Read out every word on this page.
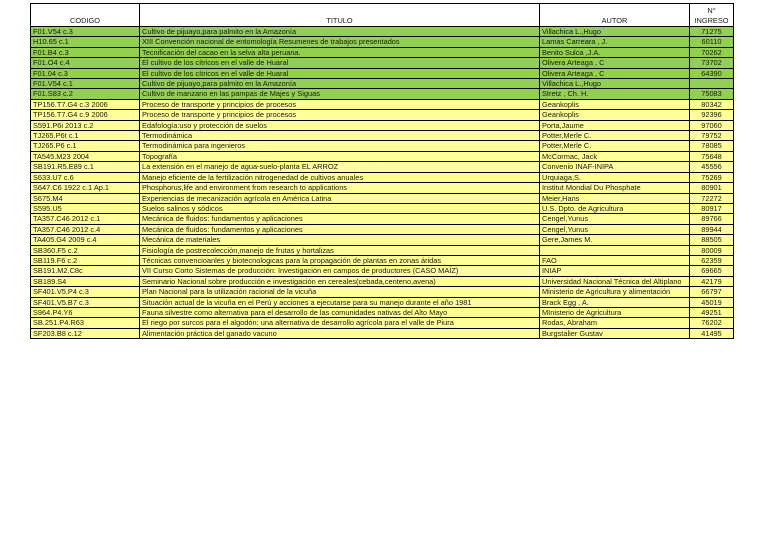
CODIGO	TITULO	AUTOR	N° INGRESO
F01.V54 c.3	Cultivo de pijuayo,para palmito en la Amazonía	Villachica L.,Hugo	71275
H10.65 c.1	XIII Convención nacional de entomología Resumenes de trabajos presentados	Lamas Carreara , J.	60110
F01.B4 c.3	Tecnificación del cacao en la selva alta peruana.	Benito Sulca ,J.A.	70262
F01.O4 c.4	El cultivo de los cítricos en el valle de Huaral	Olivera Arteaga , C	73702
F01.04 c.3	El cultivo de los cítricos en el valle de Huaral	Olivera Arteaga , C	64390
F01.V54 c.1	Cultivo de pijuayo,para palmito en la Amazonía	Villachica L.,Hugo	
F01.S83 c.2	Cultivo de manzano en las pampas de Majes y Siguas	Stretz , Ch. H.	75083
TP156.T7.G4 c.3 2006	Proceso de transporte y principios de procesos	Geankoplis	80342
TP156.T7.G4 c.9 2006	Proceso de transporte y principios de procesos	Geankoplis	92396
S591.P6i 2013 c.2	Edafología:uso y protección de suelos	Porta,Jaume	97060
TJ265.P6t c.1	Termodinámica	Potter,Merle C.	79752
TJ265.P6 c.1	Termodinámica para ingenieros	Potter,Merle C.	78085
TA545.M23 2004	Topografía	McCormac, Jack	75648
SB191.R5.E89 c.1	La extensión en el manejo de agua-suelo-planta EL ARROZ	Convenio INAF-INIPA	45556
S633.U7 c.6	Manejo eficiente de la fertilización nitrogenedad de cultivos anuales	Urquiaga,S.	75269
S647.C6 1922 c.1 Ap.1	Phosphorus,life and environment from research to applications	Institut Mondial Du Phosphate	80901
S675.M4	Experiencias de mecanización agrícola en América Latina	Meier,Hans	72272
S595.U5	Suelos salinos y sódicos	U.S. Dpto. de Agricultura	80917
TA357.C46 2012 c.1	Mecánica de fluidos: fundamentos y aplicaciones	Cengel,Yunus	89766
TA357.C46 2012 c.4	Mecánica de fluidos: fundamentos y aplicaciones	Cengel,Yunus	89944
TA405.G4 2009 c.4	Mecánica de materiales	Gere,James M.	88505
SB360.F5 c.2	Fisiología de postrecolección,manejo de frutas y hortalizas		80009
SB119.F6 c.2	Técnicas convencioanles y biotecnologicas para la propagación de plantas en zonas áridas	FAO	62359
SB191.M2.C8c	VII Curso Corto Sistemas de producción: Investigación en campos de productores (CASO MAÍZ)	INIAP	69665
SB189.S4	Seminario Nacional sobre producción e investigación en cereales(cebada,centeno,avena)	Universidad Nacional Técnica del Altiplano	42179
SF401.V5.P4 c.3	Plan Nacional para la utilización racional de la vicuña	Ministerio de Agricultura y alimentación	66797
SF401.V5.B7 c.3	Situación actual de la vicuña en el Perú y acciones a ejecutarse para su manejo durante el año 1981	Brack Egg , A.	45019
S964.P4.Y6	Fauna silvestre como alternativa para el desarrollo de las comunidades nativas del Alto Mayo	MInisterio de Agricultura	49251
SB.251.P4.R63	El riego por surcos para el algodón: una alternativa de desarrollo agrícola para el valle de Piura	Rodas, Abraham	76202
SF203.B8 c.12	Alimentación práctica del ganado vacuno	Burgstalier Gustav	41495
